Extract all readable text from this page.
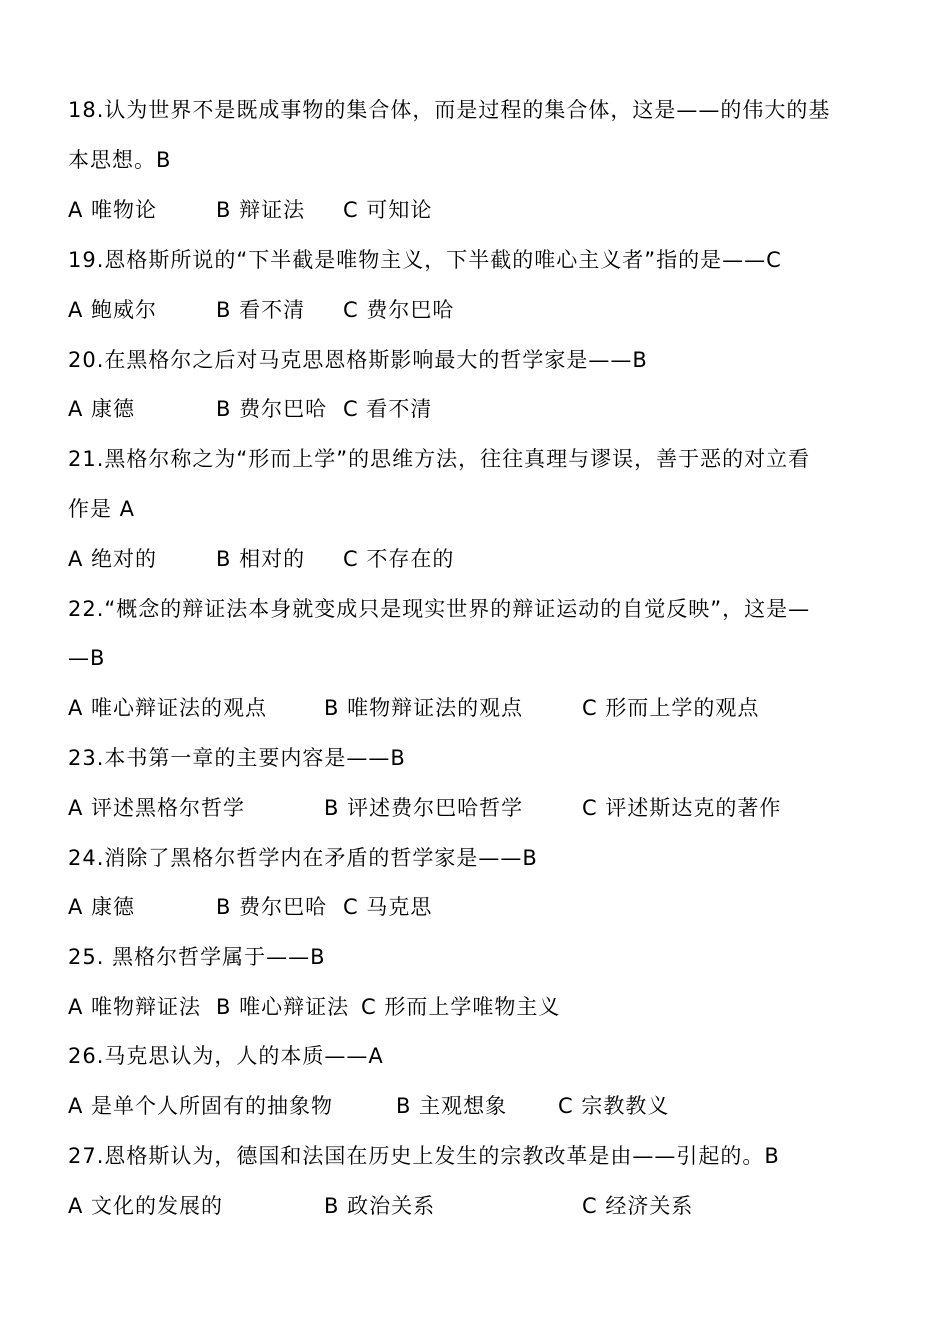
18.认为世界不是既成事物的集合体，而是过程的集合体，这是——的伟大的基
本思想。B
A 唯物论	B 辩证法 C 可知论
19.恩格斯所说的“下半截是唯物主义，下半截的唯心主义者”指的是——C
A 鲍威尔	B 看不清 C 费尔巴哈
20.在黑格尔之后对马克思恩格斯影响最大的哲学家是——B
A 康德	B 费尔巴哈 C 看不清
21.黑格尔称之为“形而上学”的思维方法，往往真理与谬误，善于恶的对立看
作是 A
A 绝对的	B 相对的 C 不存在的
22.“概念的辩证法本身就变成只是现实世界的辩证运动的自觉反映”，这是—
—B
A 唯心辩证法的观点	B 唯物辩证法的观点	C 形而上学的观点
23.本书第一章的主要内容是——B
A 评述黑格尔哲学	B 评述费尔巴哈哲学	C 评述斯达克的著作
24.消除了黑格尔哲学内在矛盾的哲学家是——B
A 康德	B 费尔巴哈 C 马克思
25. 黑格尔哲学属于——B
A 唯物辩证法 B 唯心辩证法 C 形而上学唯物主义
26.马克思认为，人的本质——A
A 是单个人所固有的抽象物	B 主观想象 C 宗教教义
27.恩格斯认为，德国和法国在历史上发生的宗教改革是由——引起的。B
A 文化的发展的	B 政治关系	C 经济关系
